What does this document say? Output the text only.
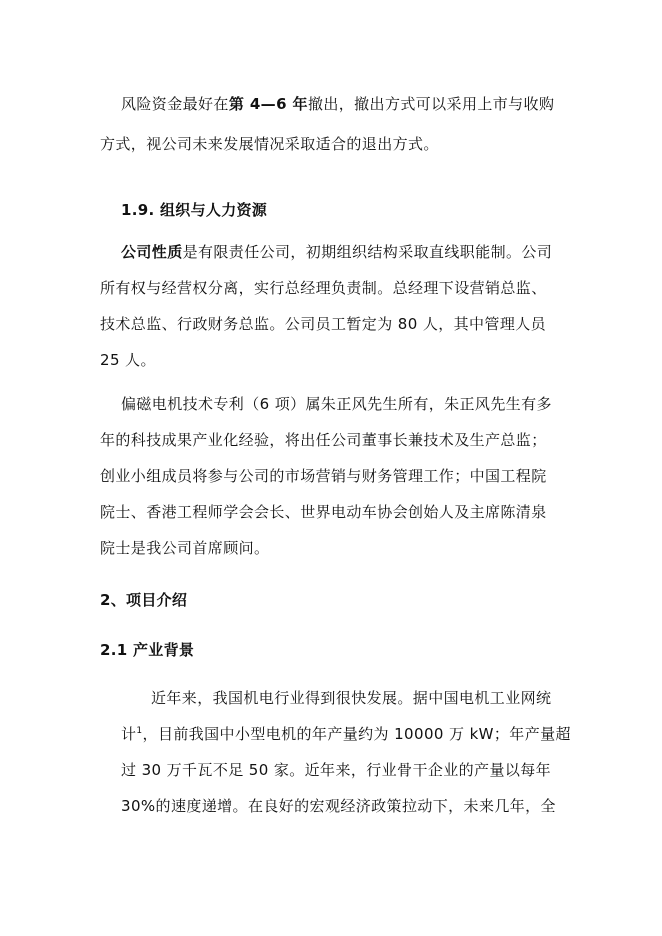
风险资金最好在第 4—6 年撤出，撤出方式可以采用上市与收购
方式，视公司未来发展情况采取适合的退出方式。
1.9. 组织与人力资源
公司性质是有限责任公司，初期组织结构采取直线职能制。公司
所有权与经营权分离，实行总经理负责制。总经理下设营销总监、
技术总监、行政财务总监。公司员工暂定为 80 人，其中管理人员
25 人。
偏磁电机技术专利（6 项）属朱正风先生所有，朱正风先生有多
年的科技成果产业化经验，将出任公司董事长兼技术及生产总监；
创业小组成员将参与公司的市场营销与财务管理工作；中国工程院
院士、香港工程师学会会长、世界电动车协会创始人及主席陈清泉
院士是我公司首席顾问。
2、项目介绍
2.1 产业背景
近年来，我国机电行业得到很快发展。据中国电机工业网统
计$^1$，目前我国中小型电机的年产量约为 10000 万 kW；年产量超
过 30 万千瓦不足 50 家。近年来，行业骨干企业的产量以每年
30%的速度递增。在良好的宏观经济政策拉动下，未来几年，全
